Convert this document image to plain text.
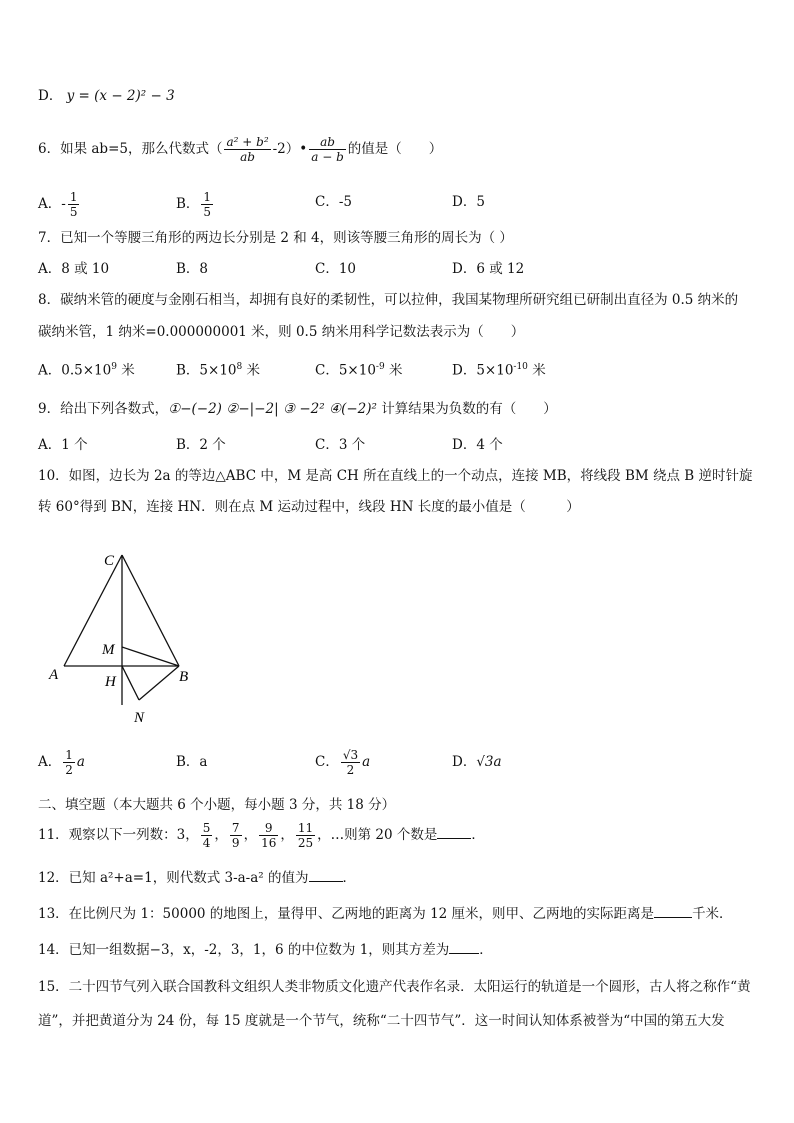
D． y = (x − 2)² − 3
6．如果 ab=5，那么代数式（ $\frac{\text{a² + b²}}{ab}$ -2）• $\frac{ab}{a - b}$ 的值是（　　）
A．- $\frac{1}{5}$	B． $\frac{1}{5}$	C．-5	D．5
7．已知一个等腰三角形的两边长分别是 2 和 4，则该等腰三角形的周长为（ ）
A．8 或 10	B．8	C．10	D．6 或 12
8．碳纳米管的硬度与金刚石相当，却拥有良好的柔韧性，可以拉伸，我国某物理所研究组已研制出直径为 0.5 纳米的
碳纳米管，1 纳米=0.000000001 米，则 0.5 纳米用科学记数法表示为（　　）
A．$0.5\times 10^9$ 米	B．$5\times 10^8$ 米	C．$5\times 10^{-9}$ 米	D．$5\times 10^{-10}$ 米
9．给出下列各数式，①−(−2) ②−|−2| ③ −2² ④(−2)² 计算结果为负数的有（　　）
A．1 个	B．2 个	C．3 个	D．4 个
10．如图，边长为 2a 的等边△ABC 中，M 是高 CH 所在直线上的一个动点，连接 MB，将线段 BM 绕点 B 逆时针旋
转 60°得到 BN，连接 HN．则在点 M 运动过程中，线段 HN 长度的最小值是（　　　）
C
M
A	H	B
N
A． $\frac{1}{2}$ a	B．a	C． $\frac{√3}{2}$ a	D．√3a
二、填空题（本大题共 6 个小题，每小题 3 分，共 18 分）
11．观察以下一列数：3， $\frac{5}{4}$ ， $\frac{7}{9}$ ， $\frac{9}{16}$ ， $\frac{11}{25}$ ，…则第 20 个数是	．
12．已知 a²+a=1，则代数式 3-a-a² 的值为	．
13．在比例尺为 1：50000 的地图上，量得甲、乙两地的距离为 12 厘米，则甲、乙两地的实际距离是	千米．
14．已知一组数据−3，x，-2，3，1，6 的中位数为 1，则其方差为 ．
15．二十四节气列入联合国教科文组织人类非物质文化遗产代表作名录．太阳运行的轨道是一个圆形，古人将之称作“黄
道”，并把黄道分为 24 份，每 15 度就是一个节气，统称“二十四节气”．这一时间认知体系被誉为“中国的第五大发
